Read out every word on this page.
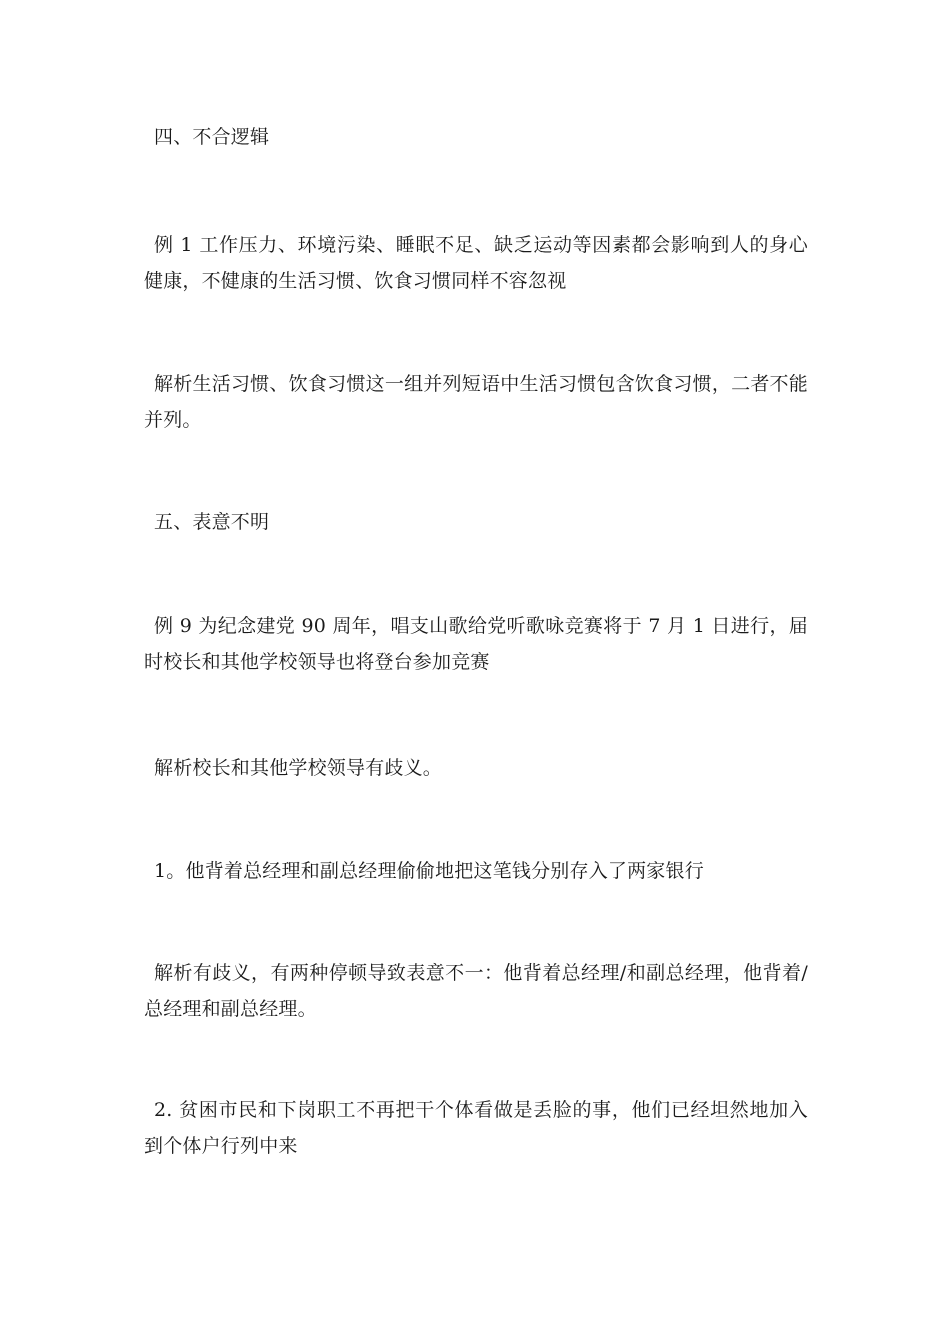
四、不合逻辑

例 1 工作压力、环境污染、睡眠不足、缺乏运动等因素都会影响到人的身心健康，不健康的生活习惯、饮食习惯同样不容忽视

解析生活习惯、饮食习惯这一组并列短语中生活习惯包含饮食习惯，二者不能并列。

五、表意不明

例 9 为纪念建党 90 周年，唱支山歌给党听歌咏竞赛将于 7 月 1 日进行，届时校长和其他学校领导也将登台参加竞赛

解析校长和其他学校领导有歧义。

1。他背着总经理和副总经理偷偷地把这笔钱分别存入了两家银行

解析有歧义，有两种停顿导致表意不一：他背着总经理/和副总经理，他背着/总经理和副总经理。

2. 贫困市民和下岗职工不再把干个体看做是丢脸的事，他们已经坦然地加入到个体户行列中来
